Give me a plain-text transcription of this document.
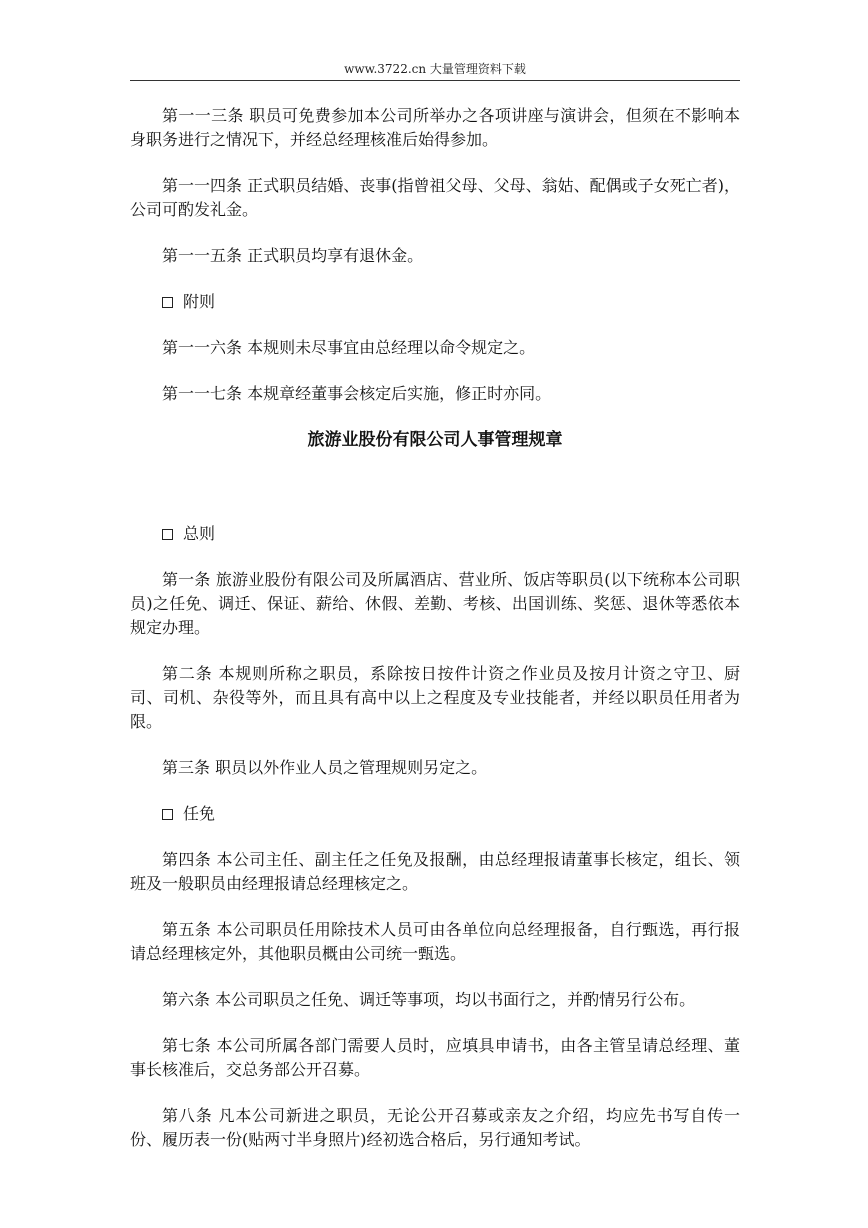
www.3722.cn 大量管理资料下载

第一一三条 职员可免费参加本公司所举办之各项讲座与演讲会，但须在不影响本身职务进行之情况下，并经总经理核准后始得参加。

第一一四条 正式职员结婚、丧事(指曾祖父母、父母、翁姑、配偶或子女死亡者)，公司可酌发礼金。

第一一五条 正式职员均享有退休金。

附则

第一一六条 本规则未尽事宜由总经理以命令规定之。

第一一七条 本规章经董事会核定后实施，修正时亦同。

旅游业股份有限公司人事管理规章
总则

第一条 旅游业股份有限公司及所属酒店、营业所、饭店等职员(以下统称本公司职员)之任免、调迁、保证、薪给、休假、差勤、考核、出国训练、奖惩、退休等悉依本规定办理。

第二条 本规则所称之职员，系除按日按件计资之作业员及按月计资之守卫、厨司、司机、杂役等外，而且具有高中以上之程度及专业技能者，并经以职员任用者为限。

第三条 职员以外作业人员之管理规则另定之。

任免

第四条 本公司主任、副主任之任免及报酬，由总经理报请董事长核定，组长、领班及一般职员由经理报请总经理核定之。

第五条 本公司职员任用除技术人员可由各单位向总经理报备，自行甄选，再行报请总经理核定外，其他职员概由公司统一甄选。

第六条 本公司职员之任免、调迁等事项，均以书面行之，并酌情另行公布。

第七条 本公司所属各部门需要人员时，应填具申请书，由各主管呈请总经理、董事长核准后，交总务部公开召募。

第八条 凡本公司新进之职员，无论公开召募或亲友之介绍，均应先书写自传一份、履历表一份(贴两寸半身照片)经初选合格后，另行通知考试。
